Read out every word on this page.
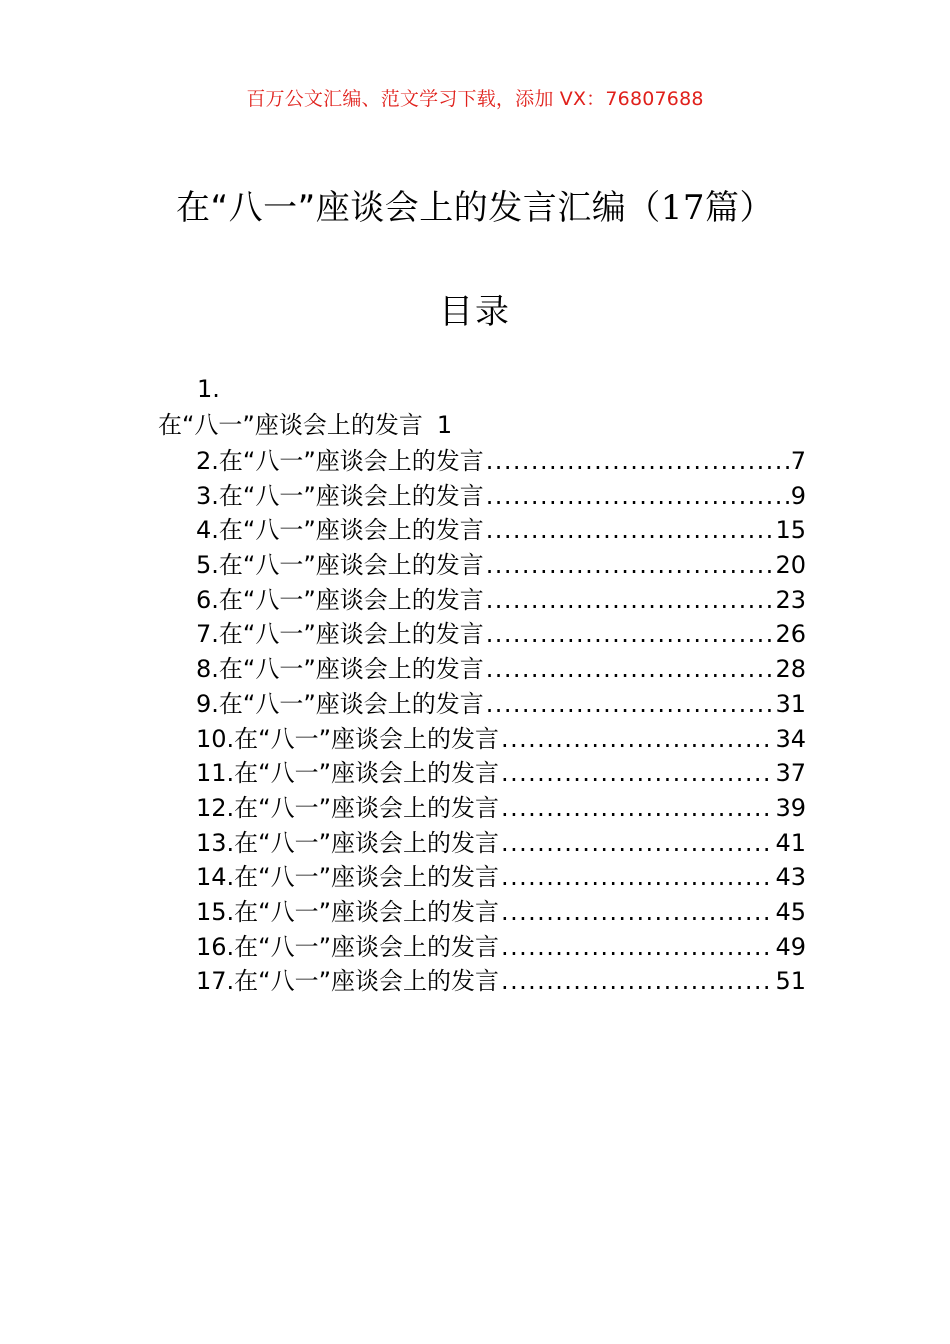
百万公文汇编、范文学习下载，添加 VX：76807688
在“八一”座谈会上的发言汇编（17篇）
目录
1.
在“八一”座谈会上的发言 1
2.在“八一”座谈会上的发言 .....	7
3.在“八一”座谈会上的发言 .....	9
4.在“八一”座谈会上的发言 .....	15
5.在“八一”座谈会上的发言 .....	20
6.在“八一”座谈会上的发言 .....	23
7.在“八一”座谈会上的发言 .....	26
8.在“八一”座谈会上的发言 .....	28
9.在“八一”座谈会上的发言 .....	31
10.在“八一”座谈会上的发言 .....	34
11.在“八一”座谈会上的发言 .....	37
12.在“八一”座谈会上的发言 .....	39
13.在“八一”座谈会上的发言 .....	41
14.在“八一”座谈会上的发言 .....	43
15.在“八一”座谈会上的发言 .....	45
16.在“八一”座谈会上的发言 .....	49
17.在“八一”座谈会上的发言 .....	51
